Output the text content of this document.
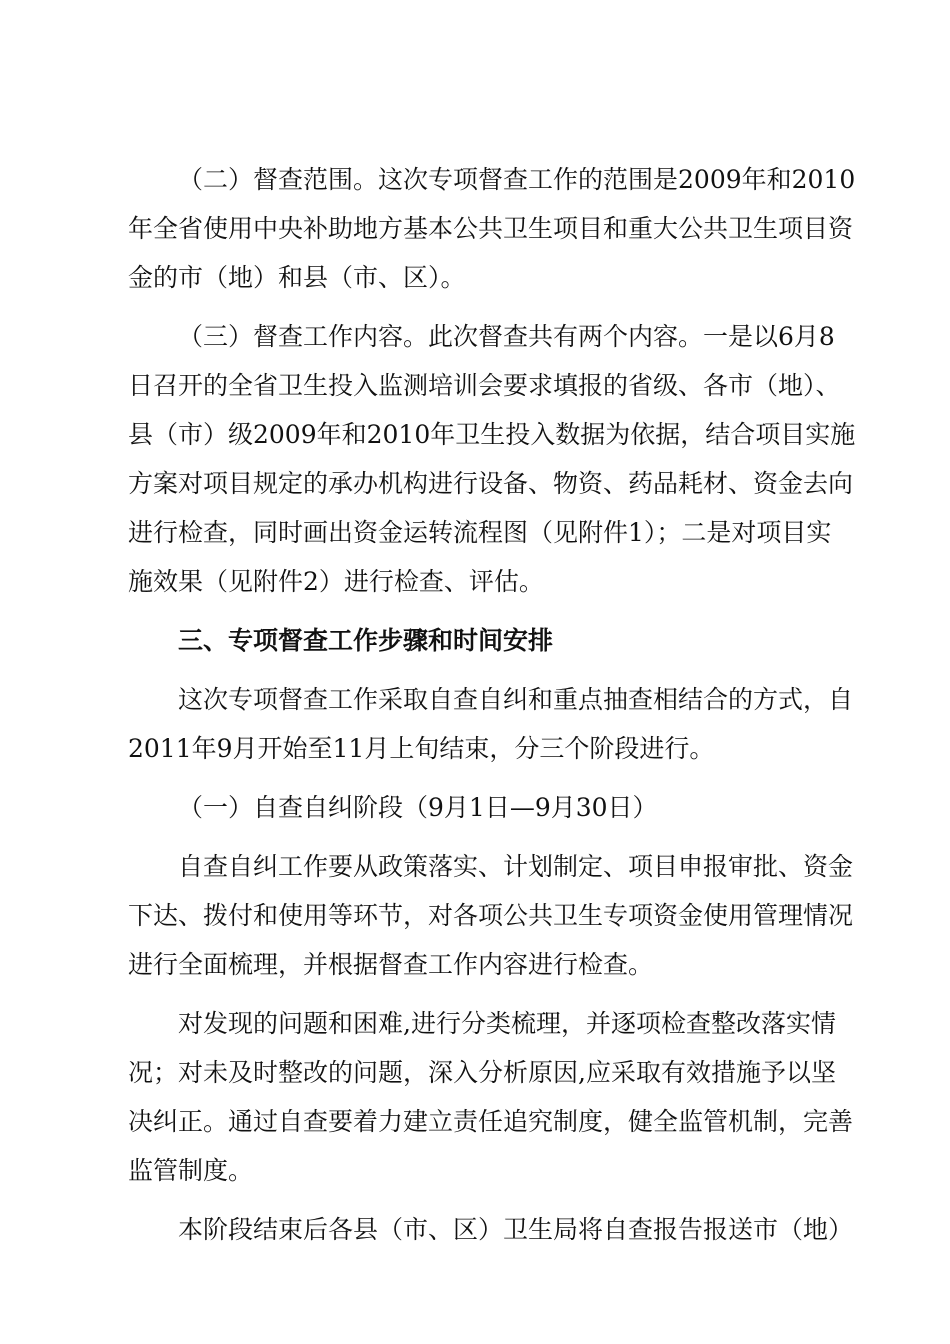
（二）督查范围。这次专项督查工作的范围是2009年和2010
年全省使用中央补助地方基本公共卫生项目和重大公共卫生项目资
金的市（地）和县（市、区）。
（三）督查工作内容。此次督查共有两个内容。一是以6月8
日召开的全省卫生投入监测培训会要求填报的省级、各市（地）、
县（市）级2009年和2010年卫生投入数据为依据，结合项目实施
方案对项目规定的承办机构进行设备、物资、药品耗材、资金去向
进行检查，同时画出资金运转流程图（见附件1）；二是对项目实
施效果（见附件2）进行检查、评估。
三、专项督查工作步骤和时间安排
这次专项督查工作采取自查自纠和重点抽查相结合的方式，自
2011年9月开始至11月上旬结束，分三个阶段进行。
（一）自查自纠阶段（9月1日—9月30日）
自查自纠工作要从政策落实、计划制定、项目申报审批、资金
下达、拨付和使用等环节，对各项公共卫生专项资金使用管理情况
进行全面梳理，并根据督查工作内容进行检查。
对发现的问题和困难,进行分类梳理，并逐项检查整改落实情
况；对未及时整改的问题，深入分析原因,应采取有效措施予以坚
决纠正。通过自查要着力建立责任追究制度，健全监管机制，完善
监管制度。
本阶段结束后各县（市、区）卫生局将自查报告报送市（地）
